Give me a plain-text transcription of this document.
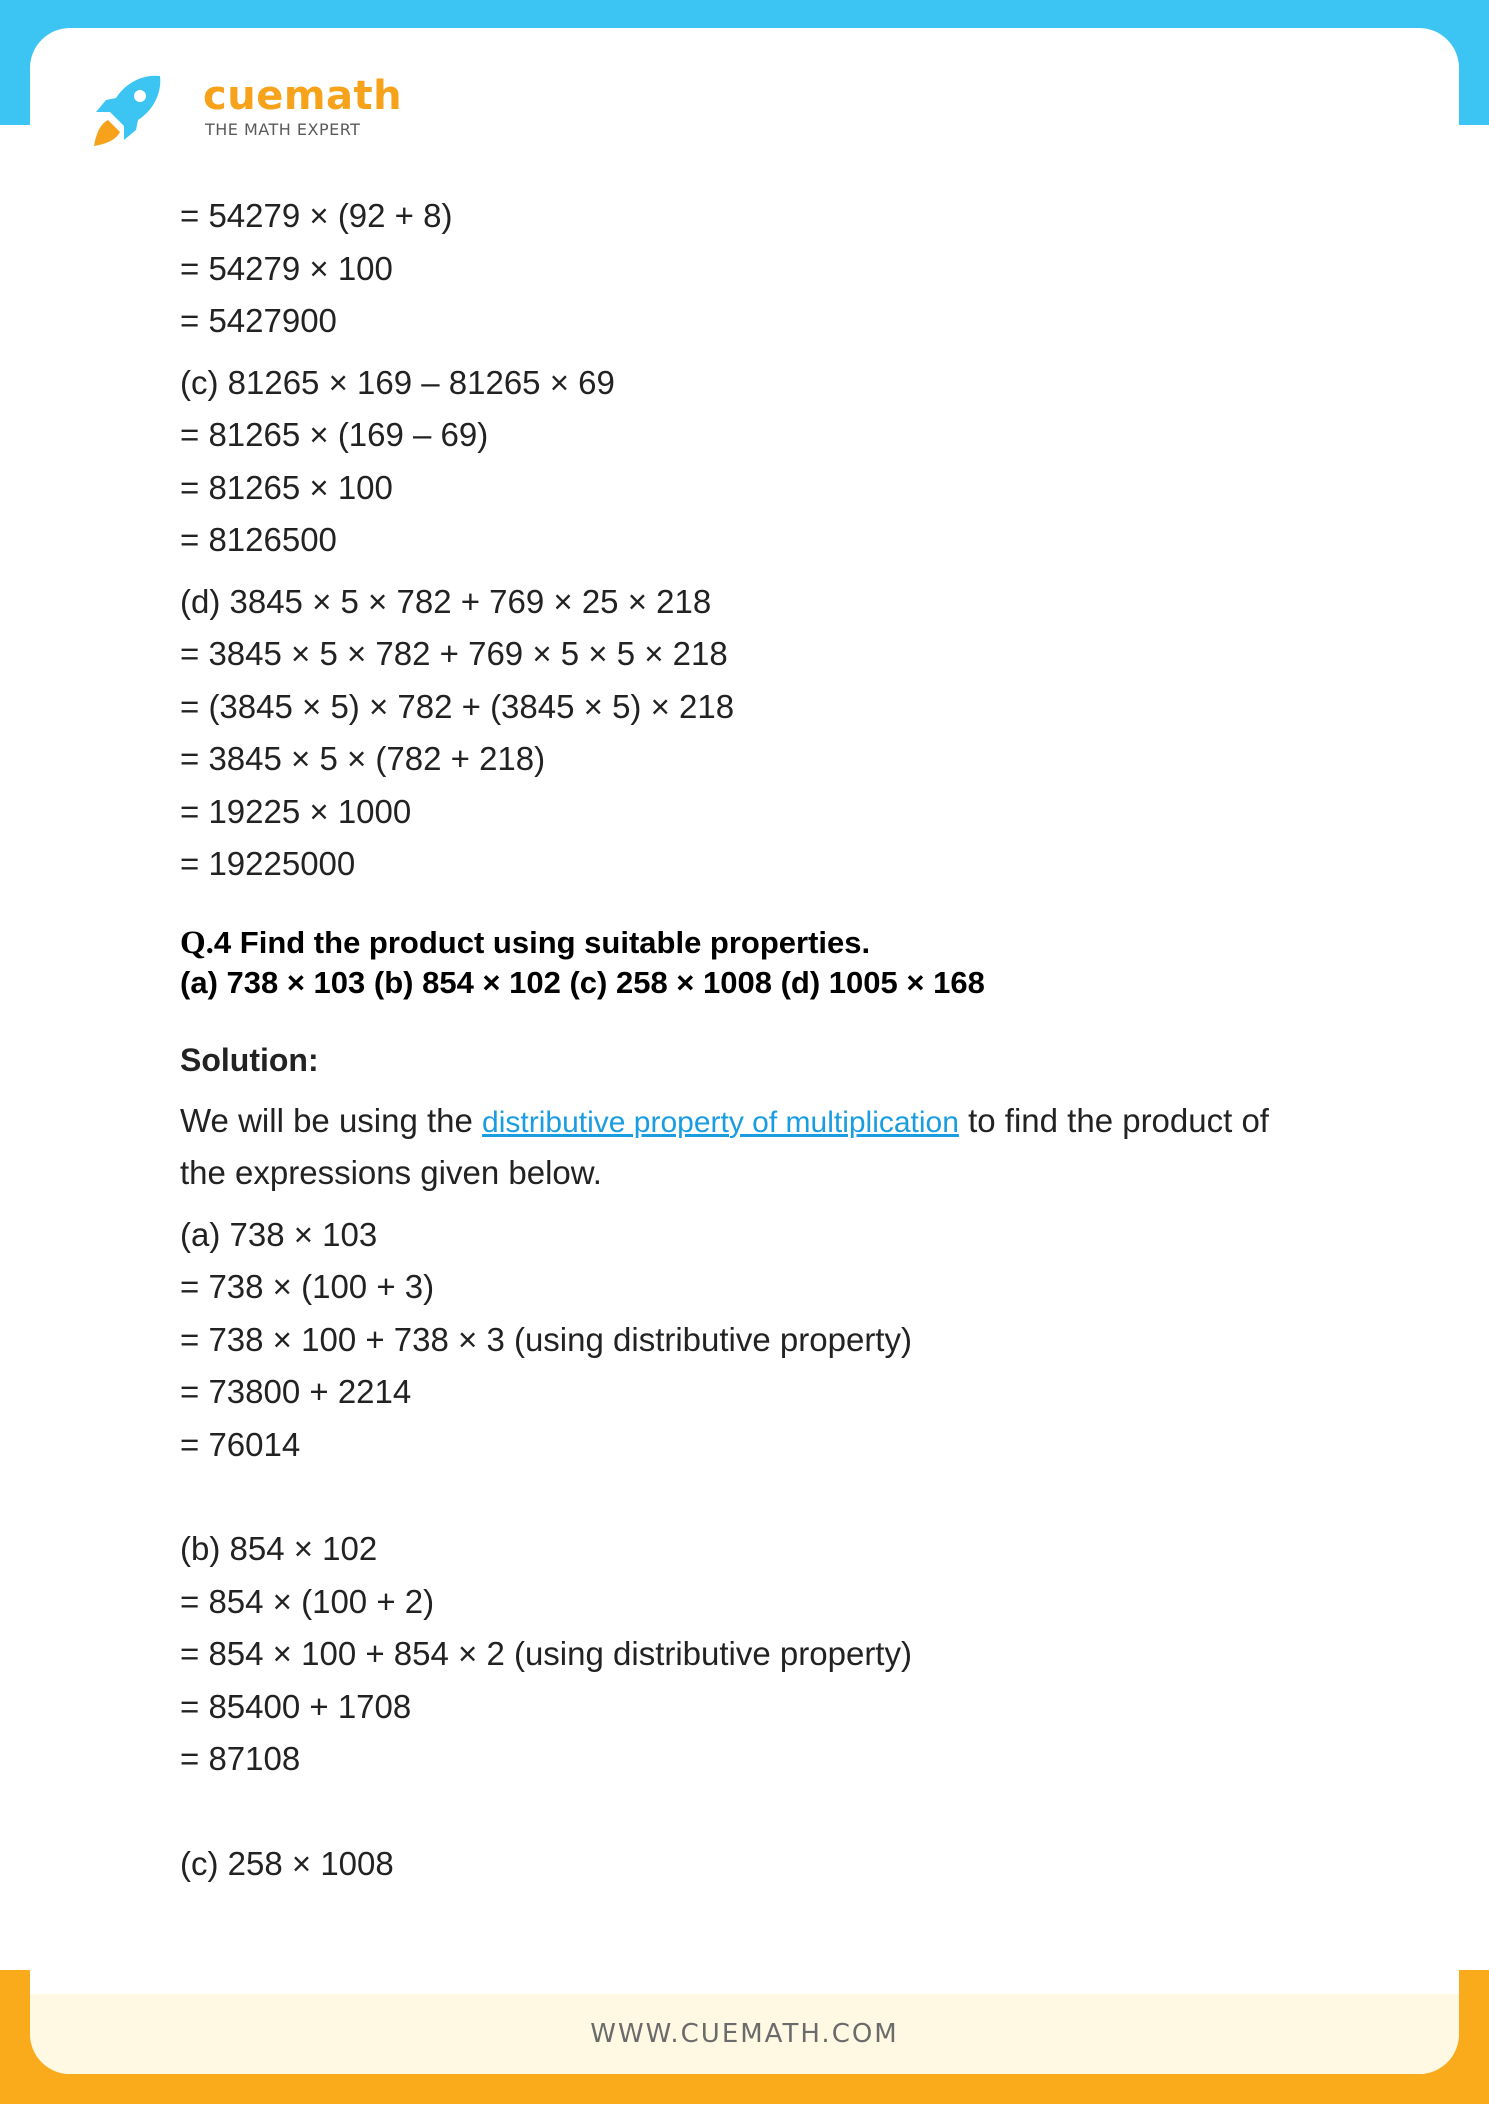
cuemath
THE MATH EXPERT
= 54279 × (92 + 8)
= 54279 × 100
= 5427900
(c) 81265 × 169 – 81265 × 69
= 81265 × (169 – 69)
= 81265 × 100
= 8126500
(d) 3845 × 5 × 782 + 769 × 25 × 218
= 3845 × 5 × 782 + 769 × 5 × 5 × 218
= (3845 × 5) × 782 + (3845 × 5) × 218
= 3845 × 5 × (782 + 218)
= 19225 × 1000
= 19225000
Q.4 Find the product using suitable properties.
(a) 738 × 103 (b) 854 × 102 (c) 258 × 1008 (d) 1005 × 168
Solution:
We will be using the distributive property of multiplication to find the product of
the expressions given below.
(a) 738 × 103
= 738 × (100 + 3)
= 738 × 100 + 738 × 3 (using distributive property)
= 73800 + 2214
= 76014
(b) 854 × 102
= 854 × (100 + 2)
= 854 × 100 + 854 × 2 (using distributive property)
= 85400 + 1708
= 87108
(c) 258 × 1008
WWW.CUEMATH.COM
